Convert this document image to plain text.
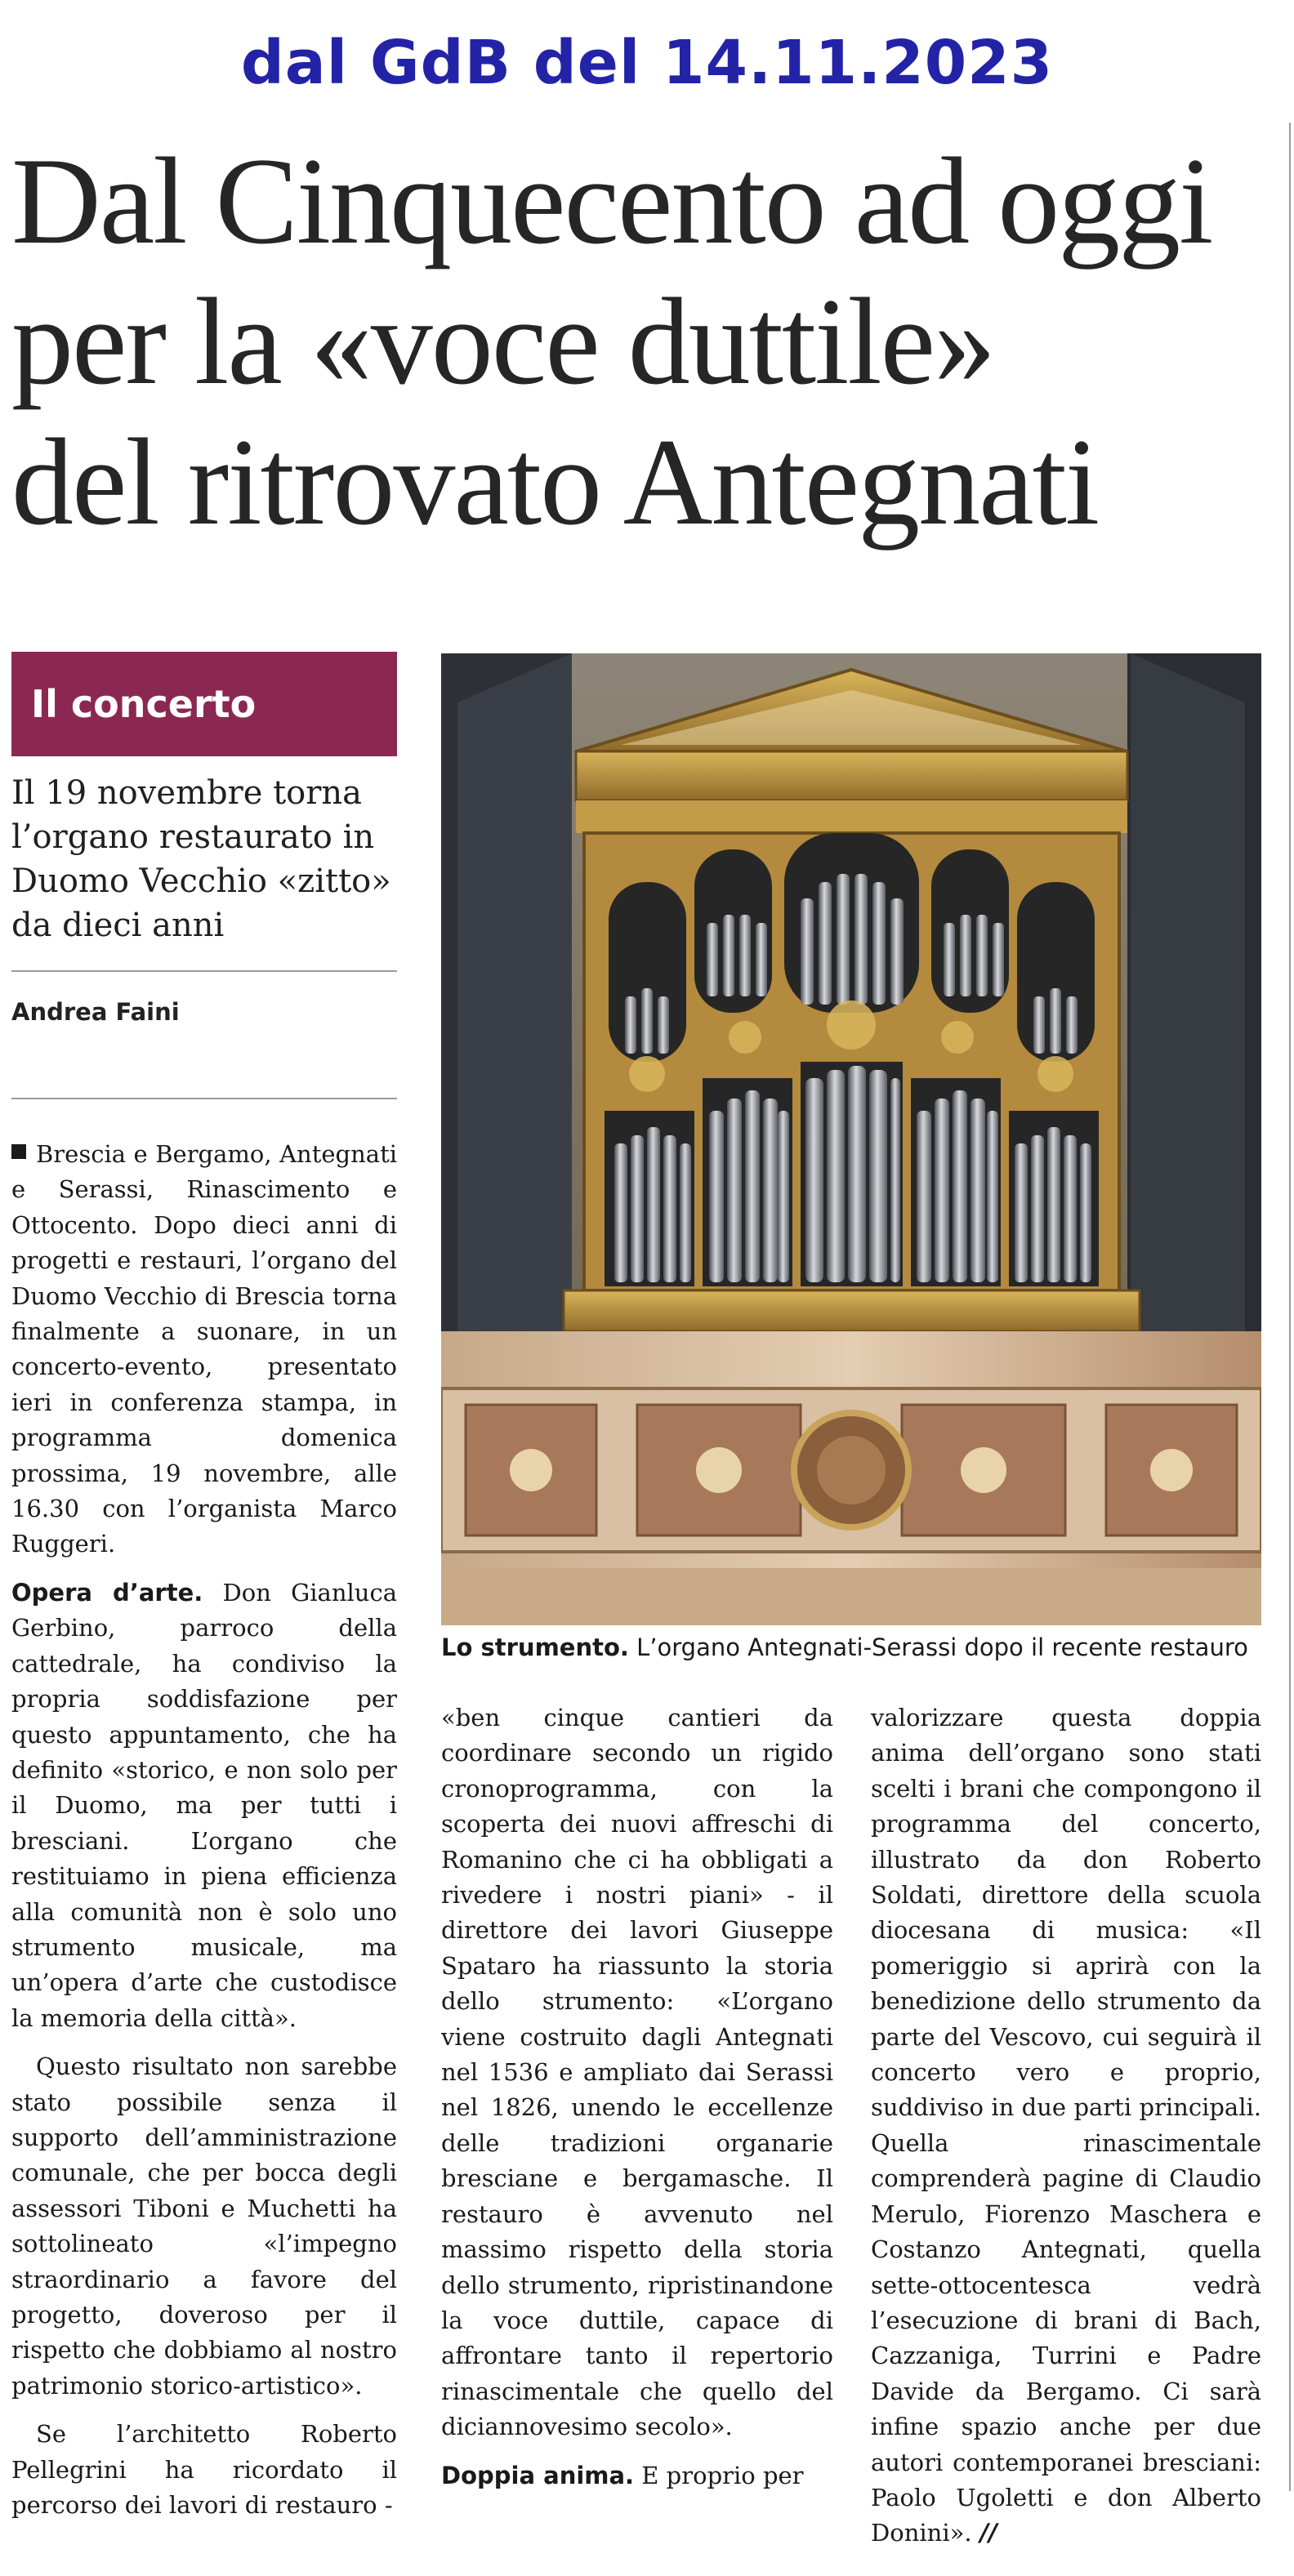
dal GdB del 14.11.2023
Dal Cinquecento ad oggi
per la «voce duttile»
del ritrovato Antegnati
Il concerto
Il 19 novembre torna l’organo restaurato in Duomo Vecchio «zitto» da dieci anni
Andrea Faini
Lo strumento. L’organo Antegnati-Serassi dopo il recente restauro

Brescia e Bergamo, Antegnati e Serassi, Rinascimento e Ottocento. Dopo dieci anni di progetti e restauri, l’organo del Duomo Vecchio di Brescia torna finalmente a suonare, in un concerto-evento, presentato ieri in conferenza stampa, in programma domenica prossima, 19 novembre, alle 16.30 con l’organista Marco Ruggeri.

Opera d’arte. Don Gianluca Gerbino, parroco della cattedrale, ha condiviso la propria soddisfazione per questo appuntamento, che ha definito «storico, e non solo per il Duomo, ma per tutti i bresciani. L’organo che restituiamo in piena efficienza alla comunità non è solo uno strumento musicale, ma un’opera d’arte che custodisce la memoria della città».

Questo risultato non sarebbe stato possibile senza il supporto dell’amministrazione comunale, che per bocca degli assessori Tiboni e Muchetti ha sottolineato «l’impegno straordinario a favore del progetto, doveroso per il rispetto che dobbiamo al nostro patrimonio storico-artistico».

Se l’architetto Roberto Pellegrini ha ricordato il percorso dei lavori di restauro -

«ben cinque cantieri da coordinare secondo un rigido cronoprogramma, con la scoperta dei nuovi affreschi di Romanino che ci ha obbligati a rivedere i nostri piani» - il direttore dei lavori Giuseppe Spataro ha riassunto la storia dello strumento: «L’organo viene costruito dagli Antegnati nel 1536 e ampliato dai Serassi nel 1826, unendo le eccellenze delle tradizioni organarie bresciane e bergamasche. Il restauro è avvenuto nel massimo rispetto della storia dello strumento, ripristinandone la voce duttile, capace di affrontare tanto il repertorio rinascimentale che quello del diciannovesimo secolo».

Doppia anima. E proprio per

valorizzare questa doppia anima dell’organo sono stati scelti i brani che compongono il programma del concerto, illustrato da don Roberto Soldati, direttore della scuola diocesana di musica: «Il pomeriggio si aprirà con la benedizione dello strumento da parte del Vescovo, cui seguirà il concerto vero e proprio, suddiviso in due parti principali. Quella rinascimentale comprenderà pagine di Claudio Merulo, Fiorenzo Maschera e Costanzo Antegnati, quella sette-ottocentesca vedrà l’esecuzione di brani di Bach, Cazzaniga, Turrini e Padre Davide da Bergamo. Ci sarà infine spazio anche per due autori contemporanei bresciani: Paolo Ugoletti e don Alberto Donini». //
